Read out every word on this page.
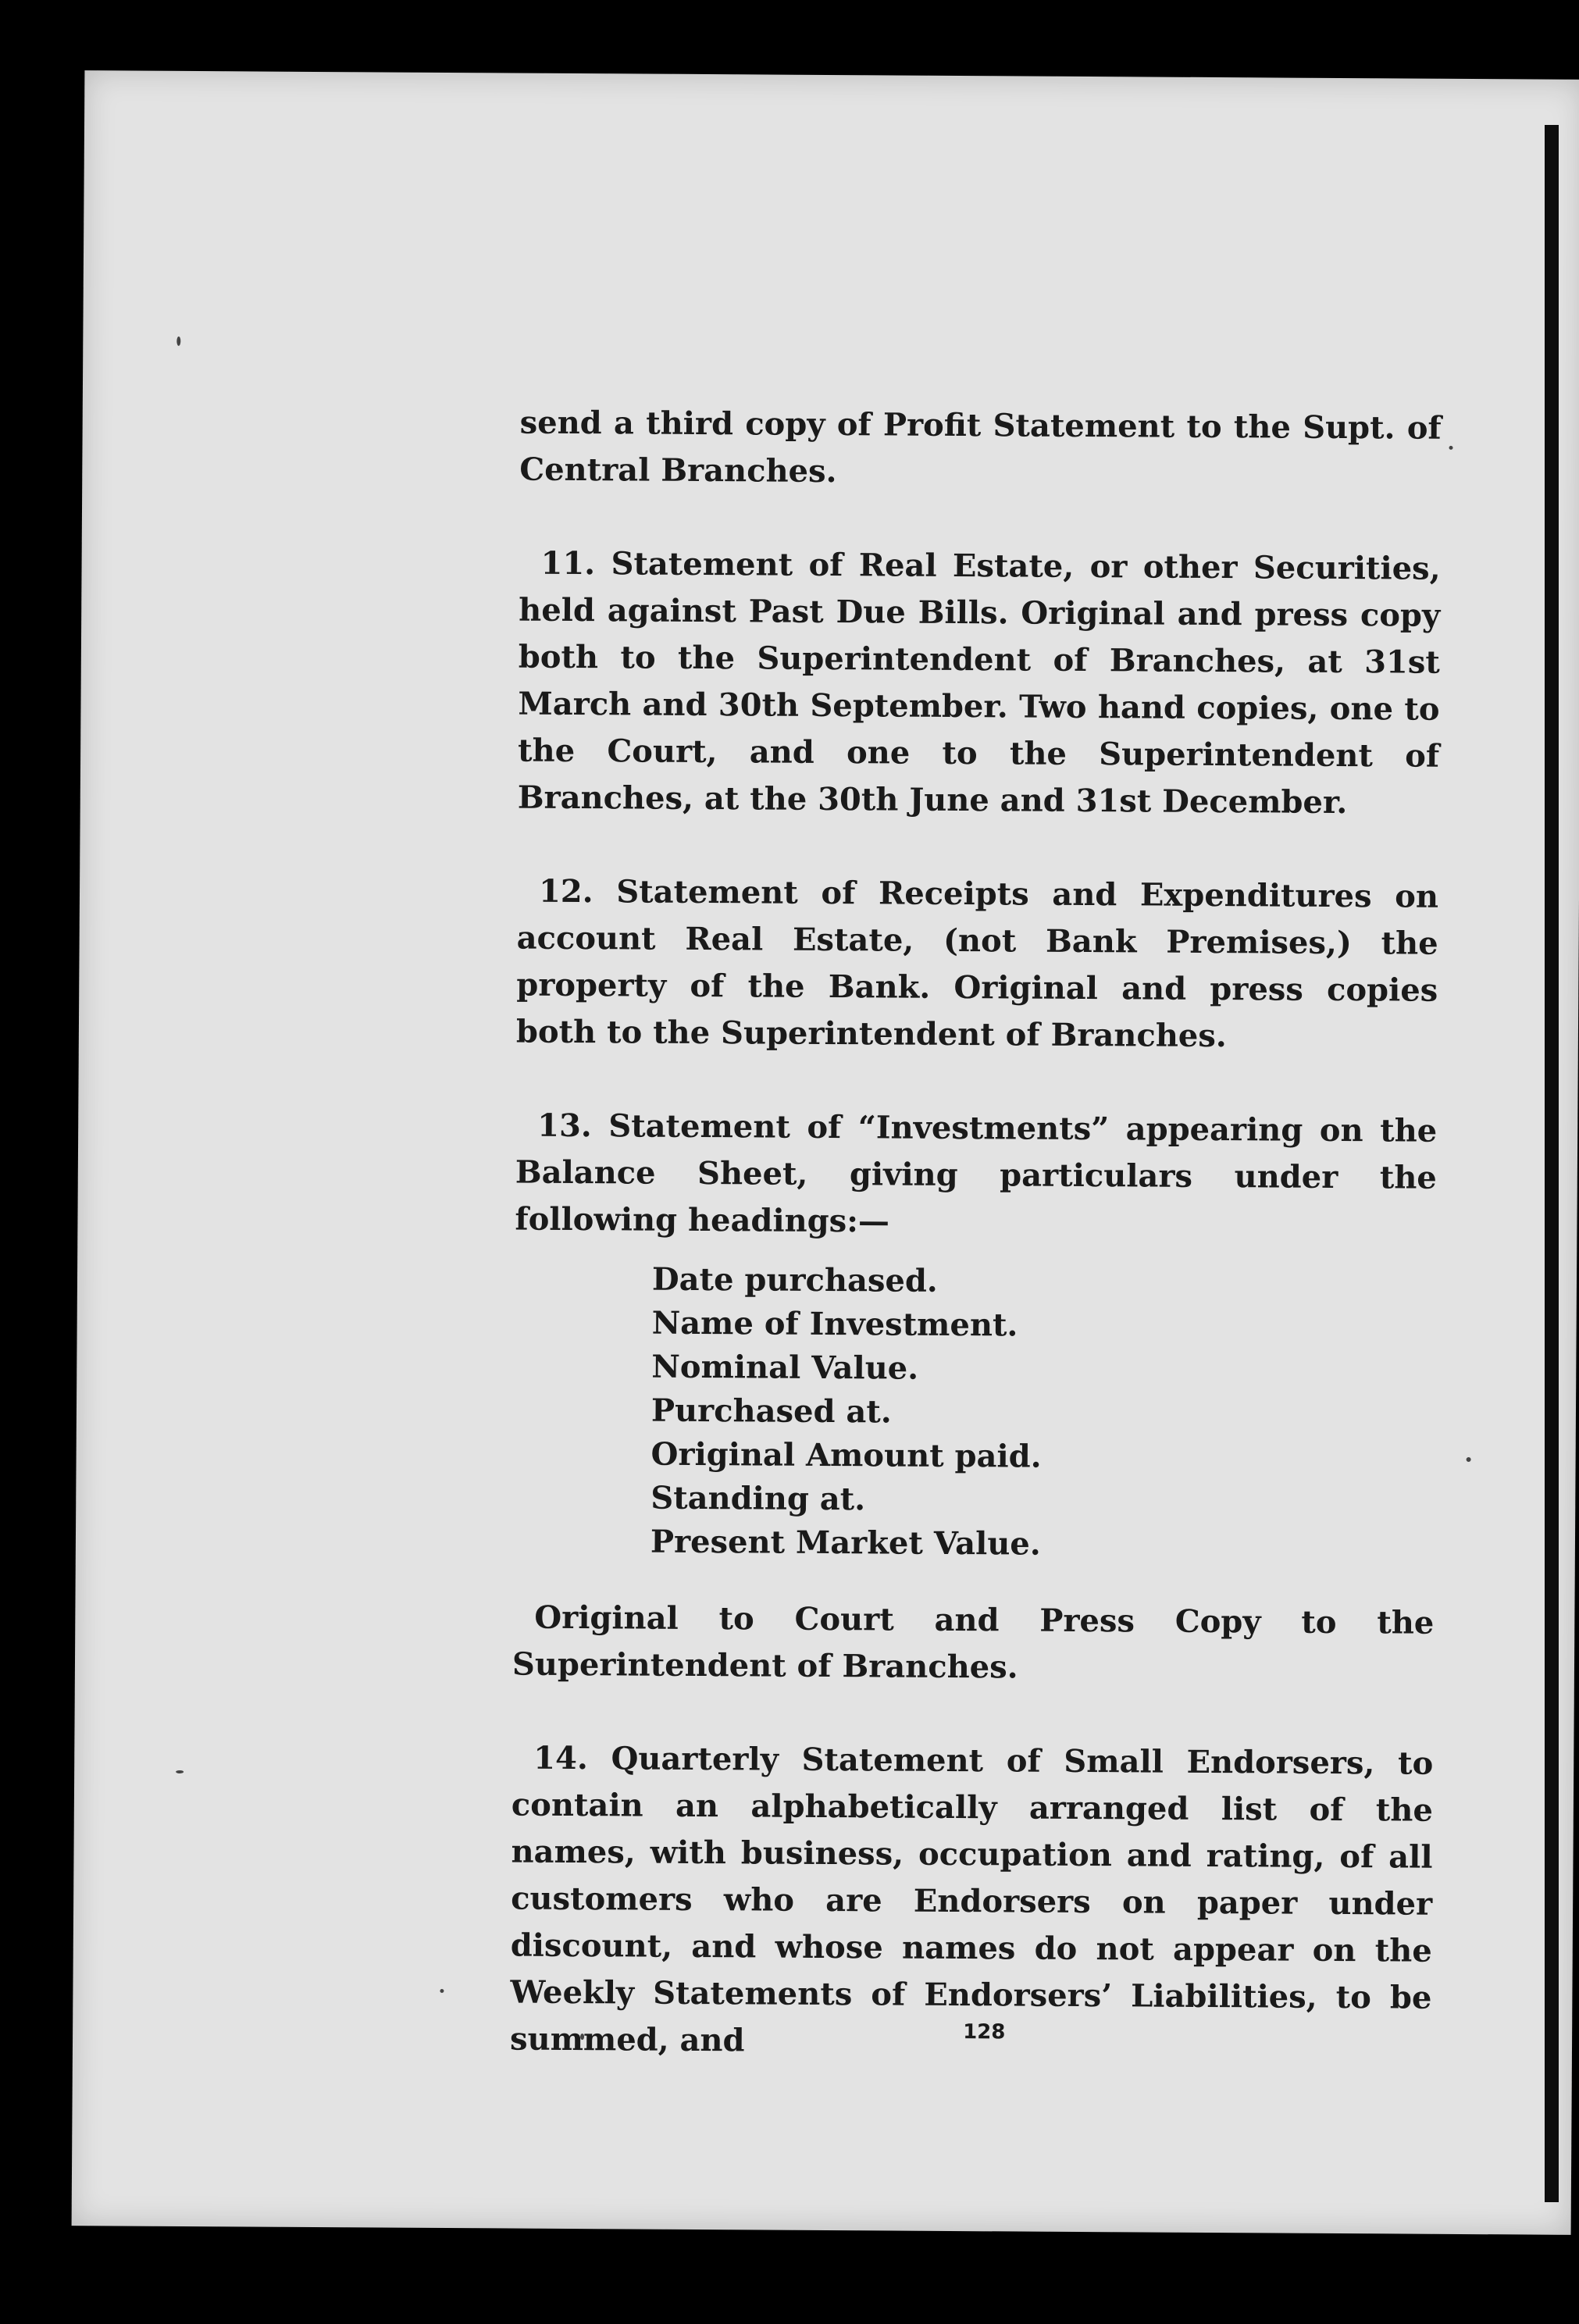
send a third copy of Profit Statement to the Supt. of Central Branches.

11. Statement of Real Estate, or other Securities, held against Past Due Bills. Original and press copy both to the Superintendent of Branches, at 31st March and 30th September. Two hand copies, one to the Court, and one to the Superintendent of Branches, at the 30th June and 31st December.

12. Statement of Receipts and Expenditures on account Real Estate, (not Bank Premises,) the property of the Bank. Original and press copies both to the Superintendent of Branches.

13. Statement of “Investments” appearing on the Balance Sheet, giving particulars under the following headings:—

Date purchased.
Name of Investment.
Nominal Value.
Purchased at.
Original Amount paid.
Standing at.
Present Market Value.

Original to Court and Press Copy to the Superintendent of Branches.

14. Quarterly Statement of Small Endorsers, to contain an alphabetically arranged list of the names, with business, occupation and rating, of all customers who are Endorsers on paper under discount, and whose names do not appear on the Weekly Statements of Endorsers’ Liabilities, to be summed, and	128
